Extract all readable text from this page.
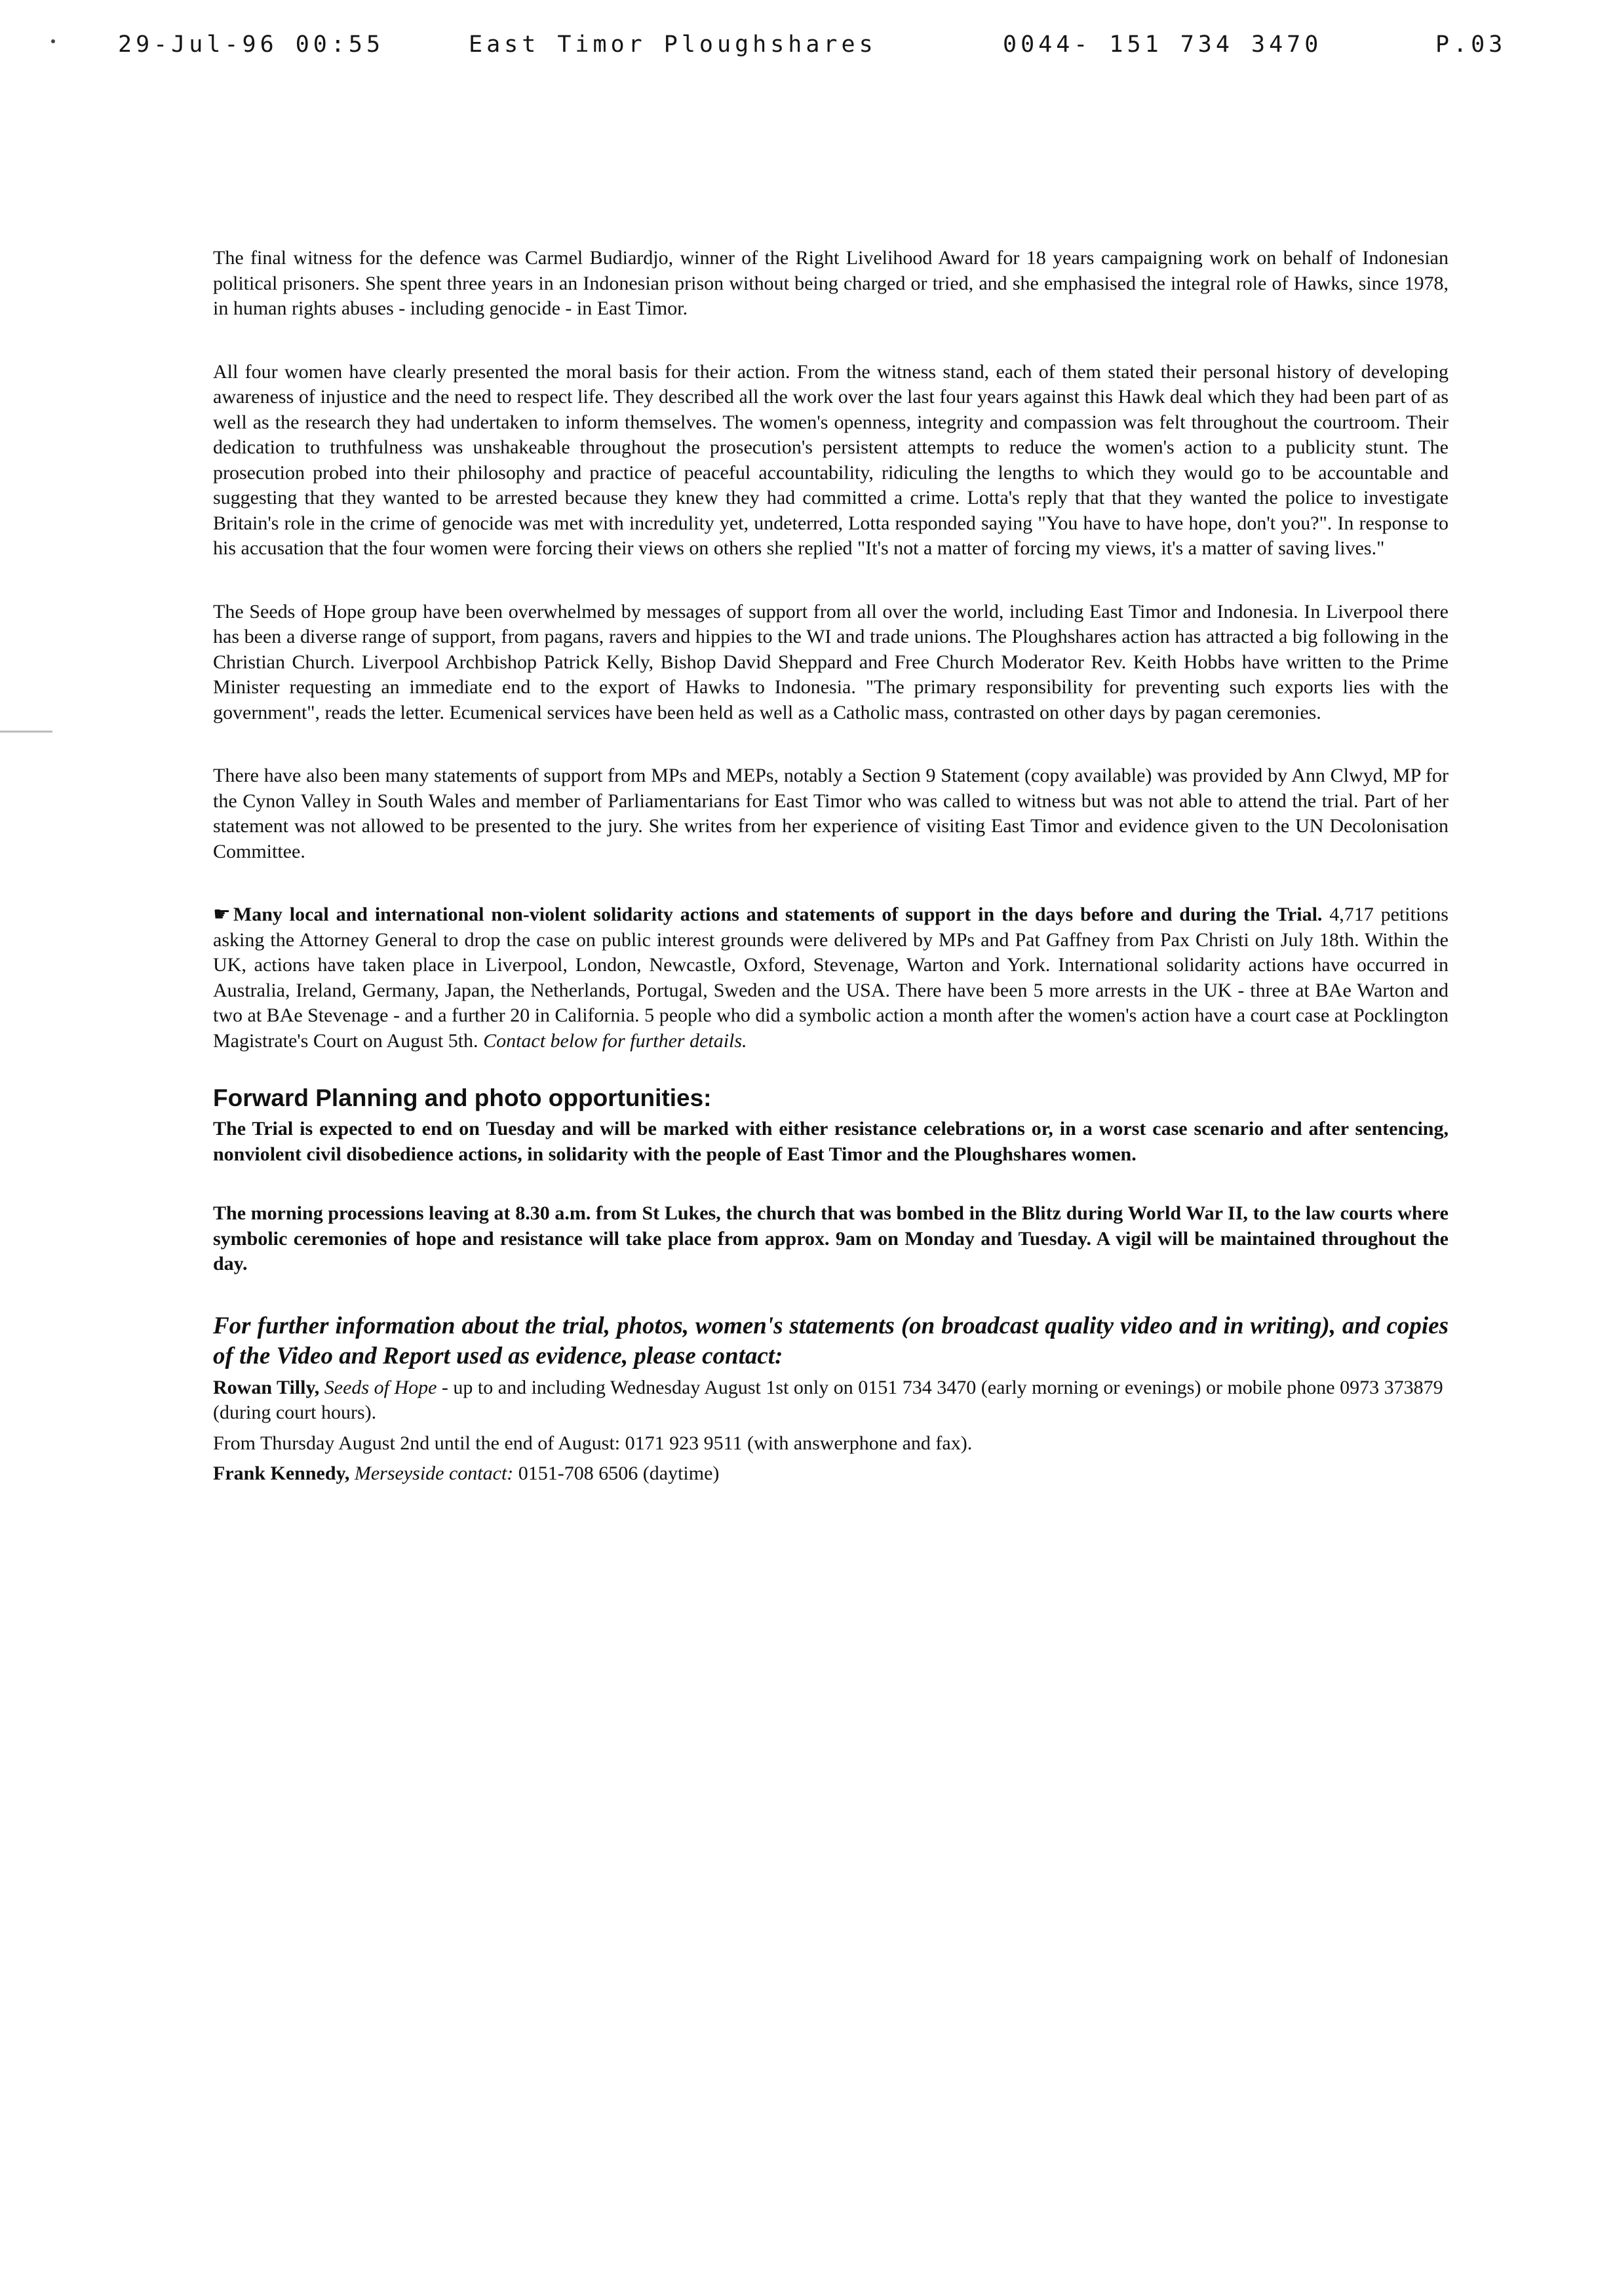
29-Jul-96 00:55	East Timor Ploughshares	0044- 151 734 3470	P.03

The final witness for the defence was Carmel Budiardjo, winner of the Right Livelihood Award for 18 years campaigning work on behalf of Indonesian political prisoners. She spent three years in an Indonesian prison without being charged or tried, and she emphasised the integral role of Hawks, since 1978, in human rights abuses - including genocide - in East Timor.

All four women have clearly presented the moral basis for their action. From the witness stand, each of them stated their personal history of developing awareness of injustice and the need to respect life. They described all the work over the last four years against this Hawk deal which they had been part of as well as the research they had undertaken to inform themselves. The women's openness, integrity and compassion was felt throughout the courtroom. Their dedication to truthfulness was unshakeable throughout the prosecution's persistent attempts to reduce the women's action to a publicity stunt. The prosecution probed into their philosophy and practice of peaceful accountability, ridiculing the lengths to which they would go to be accountable and suggesting that they wanted to be arrested because they knew they had committed a crime. Lotta's reply that that they wanted the police to investigate Britain's role in the crime of genocide was met with incredulity yet, undeterred, Lotta responded saying "You have to have hope, don't you?". In response to his accusation that the four women were forcing their views on others she replied "It's not a matter of forcing my views, it's a matter of saving lives."

The Seeds of Hope group have been overwhelmed by messages of support from all over the world, including East Timor and Indonesia. In Liverpool there has been a diverse range of support, from pagans, ravers and hippies to the WI and trade unions. The Ploughshares action has attracted a big following in the Christian Church. Liverpool Archbishop Patrick Kelly, Bishop David Sheppard and Free Church Moderator Rev. Keith Hobbs have written to the Prime Minister requesting an immediate end to the export of Hawks to Indonesia. "The primary responsibility for preventing such exports lies with the government", reads the letter. Ecumenical services have been held as well as a Catholic mass, contrasted on other days by pagan ceremonies.

There have also been many statements of support from MPs and MEPs, notably a Section 9 Statement (copy available) was provided by Ann Clwyd, MP for the Cynon Valley in South Wales and member of Parliamentarians for East Timor who was called to witness but was not able to attend the trial. Part of her statement was not allowed to be presented to the jury. She writes from her experience of visiting East Timor and evidence given to the UN Decolonisation Committee.

☛ Many local and international non-violent solidarity actions and statements of support in the days before and during the Trial. 4,717 petitions asking the Attorney General to drop the case on public interest grounds were delivered by MPs and Pat Gaffney from Pax Christi on July 18th. Within the UK, actions have taken place in Liverpool, London, Newcastle, Oxford, Stevenage, Warton and York. International solidarity actions have occurred in Australia, Ireland, Germany, Japan, the Netherlands, Portugal, Sweden and the USA. There have been 5 more arrests in the UK - three at BAe Warton and two at BAe Stevenage - and a further 20 in California. 5 people who did a symbolic action a month after the women's action have a court case at Pocklington Magistrate's Court on August 5th. Contact below for further details.

Forward Planning and photo opportunities:

The Trial is expected to end on Tuesday and will be marked with either resistance celebrations or, in a worst case scenario and after sentencing, nonviolent civil disobedience actions, in solidarity with the people of East Timor and the Ploughshares women.

The morning processions leaving at 8.30 a.m. from St Lukes, the church that was bombed in the Blitz during World War II, to the law courts where symbolic ceremonies of hope and resistance will take place from approx. 9am on Monday and Tuesday. A vigil will be maintained throughout the day.

For further information about the trial, photos, women's statements (on broadcast quality video and in writing), and copies of the Video and Report used as evidence, please contact:

Rowan Tilly, Seeds of Hope - up to and including Wednesday August 1st only on 0151 734 3470 (early morning or evenings) or mobile phone 0973 373879 (during court hours).

From Thursday August 2nd until the end of August: 0171 923 9511 (with answerphone and fax).

Frank Kennedy, Merseyside contact: 0151-708 6506 (daytime)
